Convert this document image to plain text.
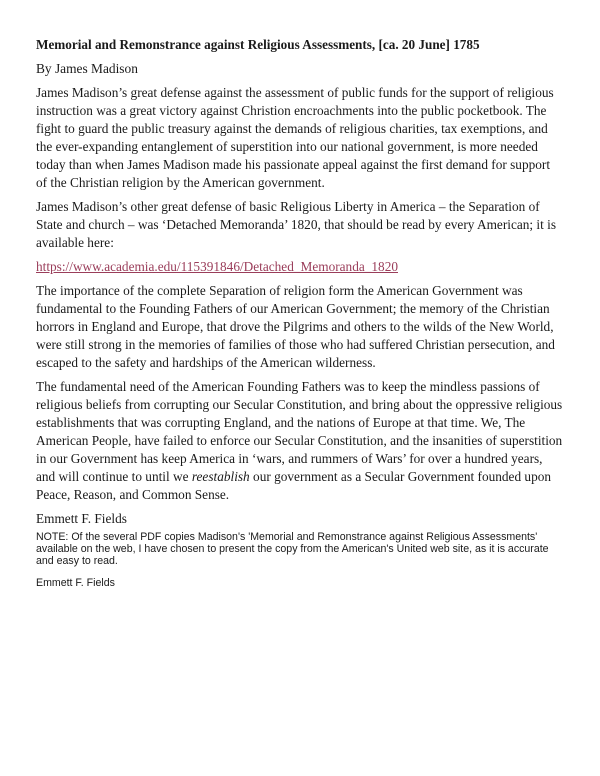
Memorial and Remonstrance against Religious Assessments, [ca. 20 June] 1785
By James Madison

James Madison’s great defense against the assessment of public funds for the support of religious instruction was a great victory against Christion encroachments into the public pocketbook. The fight to guard the public treasury against the demands of religious charities, tax exemptions, and the ever-expanding entanglement of superstition into our national government, is more needed today than when James Madison made his passionate appeal against the first demand for support of the Christian religion by the American government.

James Madison’s other great defense of basic Religious Liberty in America – the Separation of State and church – was ‘Detached Memoranda’ 1820, that should be read by every American; it is available here:

https://www.academia.edu/115391846/Detached_Memoranda_1820

The importance of the complete Separation of religion form the American Government was fundamental to the Founding Fathers of our American Government; the memory of the Christian horrors in England and Europe, that drove the Pilgrims and others to the wilds of the New World, were still strong in the memories of families of those who had suffered Christian persecution, and escaped to the safety and hardships of the American wilderness.

The fundamental need of the American Founding Fathers was to keep the mindless passions of religious beliefs from corrupting our Secular Constitution, and bring about the oppressive religious establishments that was corrupting England, and the nations of Europe at that time. We, The American People, have failed to enforce our Secular Constitution, and the insanities of superstition in our Government has keep America in ‘wars, and rummers of Wars’ for over a hundred years, and will continue to until we reestablish our government as a Secular Government founded upon Peace, Reason, and Common Sense.

Emmett F. Fields

NOTE: Of the several PDF copies Madison's 'Memorial and Remonstrance against Religious Assessments' available on the web, I have chosen to present the copy from the American's United web site, as it is accurate and easy to read.

Emmett F. Fields
